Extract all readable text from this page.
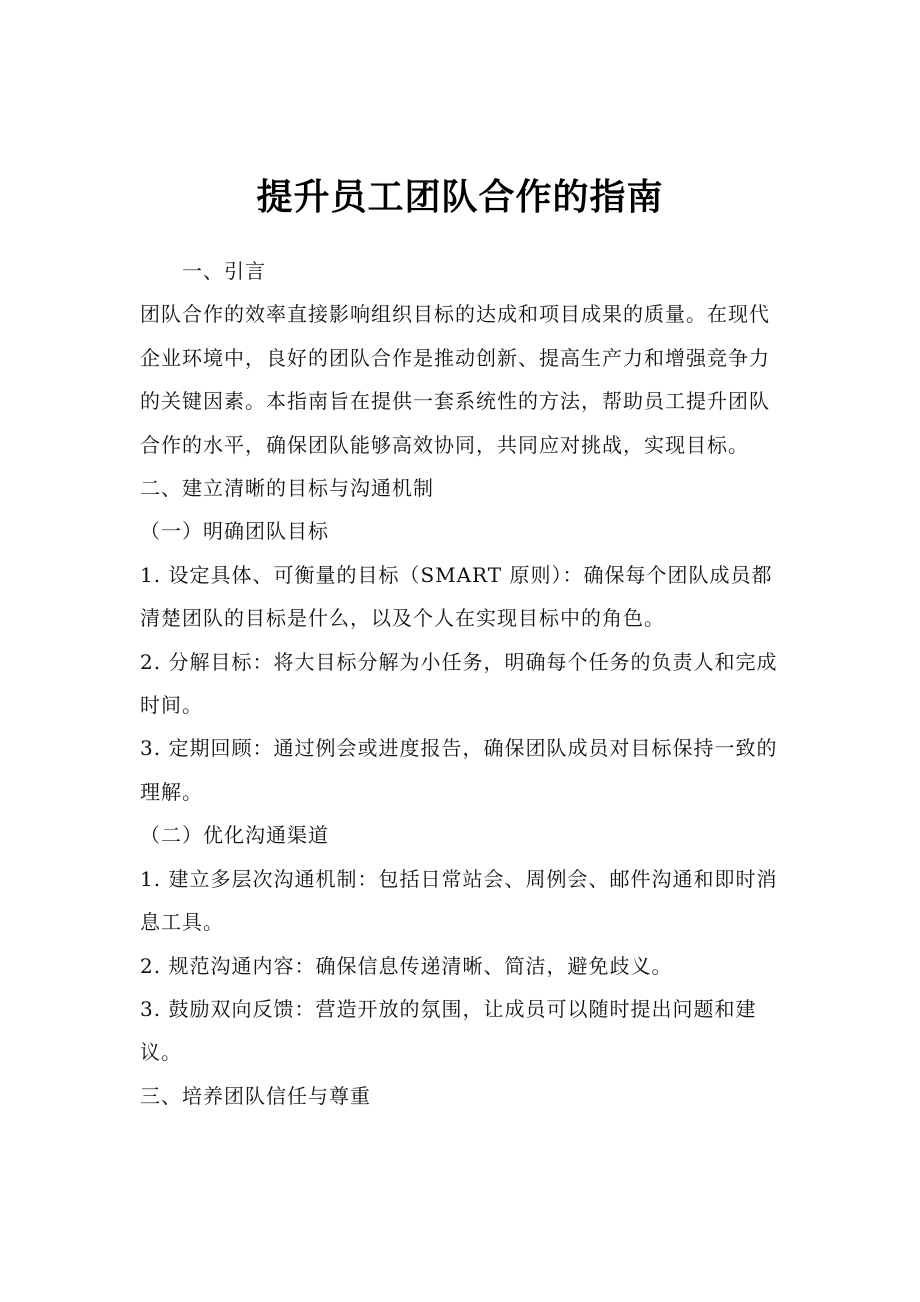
提升员工团队合作的指南

一、引言

团队合作的效率直接影响组织目标的达成和项目成果的质量。在现代企业环境中，良好的团队合作是推动创新、提高生产力和增强竞争力的关键因素。本指南旨在提供一套系统性的方法，帮助员工提升团队合作的水平，确保团队能够高效协同，共同应对挑战，实现目标。

二、建立清晰的目标与沟通机制

（一）明确团队目标

1. 设定具体、可衡量的目标（SMART 原则）：确保每个团队成员都清楚团队的目标是什么，以及个人在实现目标中的角色。

2. 分解目标：将大目标分解为小任务，明确每个任务的负责人和完成时间。

3. 定期回顾：通过例会或进度报告，确保团队成员对目标保持一致的理解。

（二）优化沟通渠道

1. 建立多层次沟通机制：包括日常站会、周例会、邮件沟通和即时消息工具。

2. 规范沟通内容：确保信息传递清晰、简洁，避免歧义。

3. 鼓励双向反馈：营造开放的氛围，让成员可以随时提出问题和建议。

三、培养团队信任与尊重
